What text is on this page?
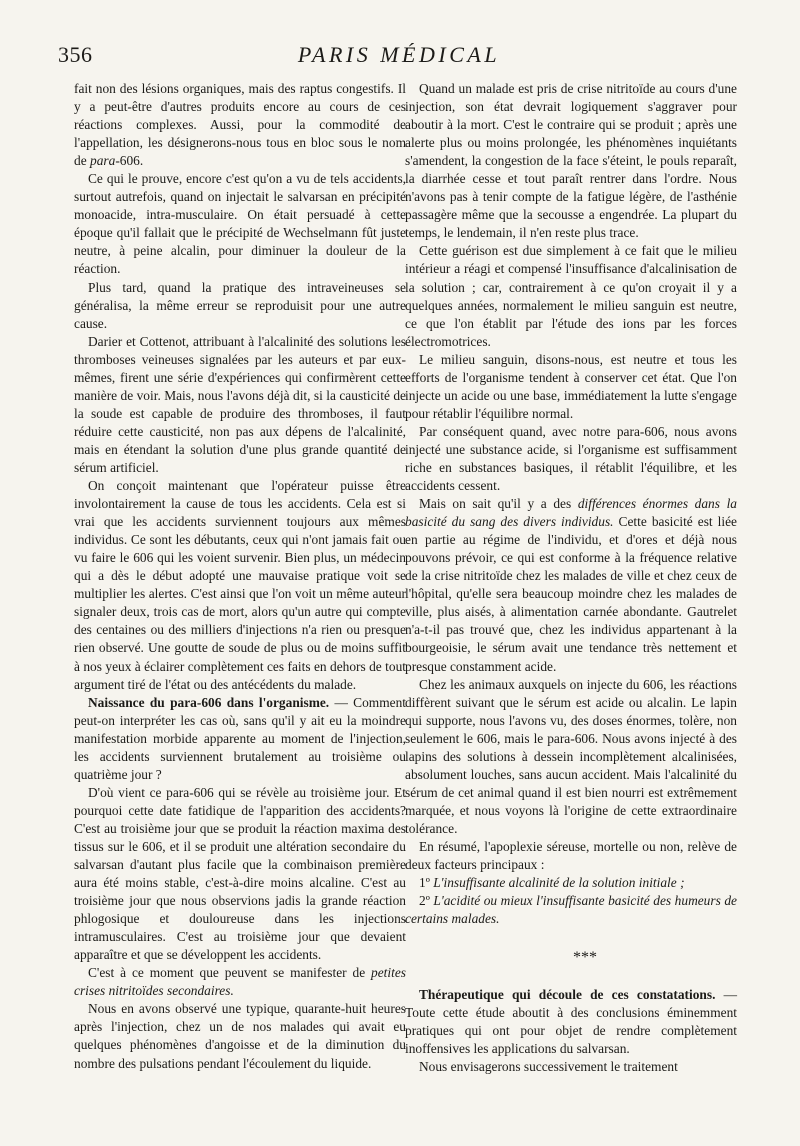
356	PARIS MÉDICAL

fait non des lésions organiques, mais des raptus congestifs. Il y a peut-être d'autres produits encore au cours de ces réactions complexes. Aussi, pour la commodité de l'appellation, les désignerons-nous tous en bloc sous le nom de para-606.

Ce qui le prouve, encore c'est qu'on a vu de tels accidents, surtout autrefois, quand on injectait le salvarsan en précipité monoacide, intra-musculaire. On était persuadé à cette époque qu'il fallait que le précipité de Wechselmann fût juste neutre, à peine alcalin, pour diminuer la douleur de la réaction.

Plus tard, quand la pratique des intraveineuses se généralisa, la même erreur se reproduisit pour une autre cause.

Darier et Cottenot, attribuant à l'alcalinité des solutions les thromboses veineuses signalées par les auteurs et par eux-mêmes, firent une série d'expériences qui confirmèrent cette manière de voir. Mais, nous l'avons déjà dit, si la causticité de la soude est capable de produire des thromboses, il faut réduire cette causticité, non pas aux dépens de l'alcalinité, mais en étendant la solution d'une plus grande quantité de sérum artificiel.

On conçoit maintenant que l'opérateur puisse être involontairement la cause de tous les accidents. Cela est si vrai que les accidents surviennent toujours aux mêmes individus. Ce sont les débutants, ceux qui n'ont jamais fait ou vu faire le 606 qui les voient survenir. Bien plus, un médecin qui a dès le début adopté une mauvaise pratique voit se multiplier les alertes. C'est ainsi que l'on voit un même auteur signaler deux, trois cas de mort, alors qu'un autre qui compte des centaines ou des milliers d'injections n'a rien ou presque rien observé. Une goutte de soude de plus ou de moins suffit à nos yeux à éclairer complètement ces faits en dehors de tout argument tiré de l'état ou des antécédents du malade.

Naissance du para-606 dans l'organisme. — Comment peut-on interpréter les cas où, sans qu'il y ait eu la moindre manifestation morbide apparente au moment de l'injection, les accidents surviennent brutalement au troisième ou quatrième jour ?

D'où vient ce para-606 qui se révèle au troisième jour. Et pourquoi cette date fatidique de l'apparition des accidents? C'est au troisième jour que se produit la réaction maxima des tissus sur le 606, et il se produit une altération secondaire du salvarsan d'autant plus facile que la combinaison première aura été moins stable, c'est-à-dire moins alcaline. C'est au troisième jour que nous observions jadis la grande réaction phlogosique et douloureuse dans les injections intramusculaires. C'est au troisième jour que devaient apparaître et que se développent les accidents.

C'est à ce moment que peuvent se manifester de petites crises nitritoïdes secondaires.

Nous en avons observé une typique, quarante-huit heures après l'injection, chez un de nos malades qui avait eu quelques phénomènes d'angoisse et de la diminution du nombre des pulsations pendant l'écoulement du liquide.

Quand un malade est pris de crise nitritoïde au cours d'une injection, son état devrait logiquement s'aggraver pour aboutir à la mort. C'est le contraire qui se produit ; après une alerte plus ou moins prolongée, les phénomènes inquiétants s'amendent, la congestion de la face s'éteint, le pouls reparaît, la diarrhée cesse et tout paraît rentrer dans l'ordre. Nous n'avons pas à tenir compte de la fatigue légère, de l'asthénie passagère même que la secousse a engendrée. La plupart du temps, le lendemain, il n'en reste plus trace.

Cette guérison est due simplement à ce fait que le milieu intérieur a réagi et compensé l'insuffisance d'alcalinisation de la solution ; car, contrairement à ce qu'on croyait il y a quelques années, normalement le milieu sanguin est neutre, ce que l'on établit par l'étude des ions par les forces électromotrices.

Le milieu sanguin, disons-nous, est neutre et tous les efforts de l'organisme tendent à conserver cet état. Que l'on injecte un acide ou une base, immédiatement la lutte s'engage pour rétablir l'équilibre normal.

Par conséquent quand, avec notre para-606, nous avons injecté une substance acide, si l'organisme est suffisamment riche en substances basiques, il rétablit l'équilibre, et les accidents cessent.

Mais on sait qu'il y a des différences énormes dans la basicité du sang des divers individus. Cette basicité est liée en partie au régime de l'individu, et d'ores et déjà nous pouvons prévoir, ce qui est conforme à la fréquence relative de la crise nitritoïde chez les malades de ville et chez ceux de l'hôpital, qu'elle sera beaucoup moindre chez les malades de ville, plus aisés, à alimentation carnée abondante. Gautrelet n'a-t-il pas trouvé que, chez les individus appartenant à la bourgeoisie, le sérum avait une tendance très nettement et presque constamment acide.

Chez les animaux auxquels on injecte du 606, les réactions diffèrent suivant que le sérum est acide ou alcalin. Le lapin qui supporte, nous l'avons vu, des doses énormes, tolère, non seulement le 606, mais le para-606. Nous avons injecté à des lapins des solutions à dessein incomplètement alcalinisées, absolument louches, sans aucun accident. Mais l'alcalinité du sérum de cet animal quand il est bien nourri est extrêmement marquée, et nous voyons là l'origine de cette extraordinaire tolérance.

En résumé, l'apoplexie séreuse, mortelle ou non, relève de deux facteurs principaux :

1º L'insuffisante alcalinité de la solution initiale ;

2º L'acidité ou mieux l'insuffisante basicité des humeurs de certains malades.

***

Thérapeutique qui découle de ces constatations. — Toute cette étude aboutit à des conclusions éminemment pratiques qui ont pour objet de rendre complètement inoffensives les applications du salvarsan.

Nous envisagerons successivement le traitement
